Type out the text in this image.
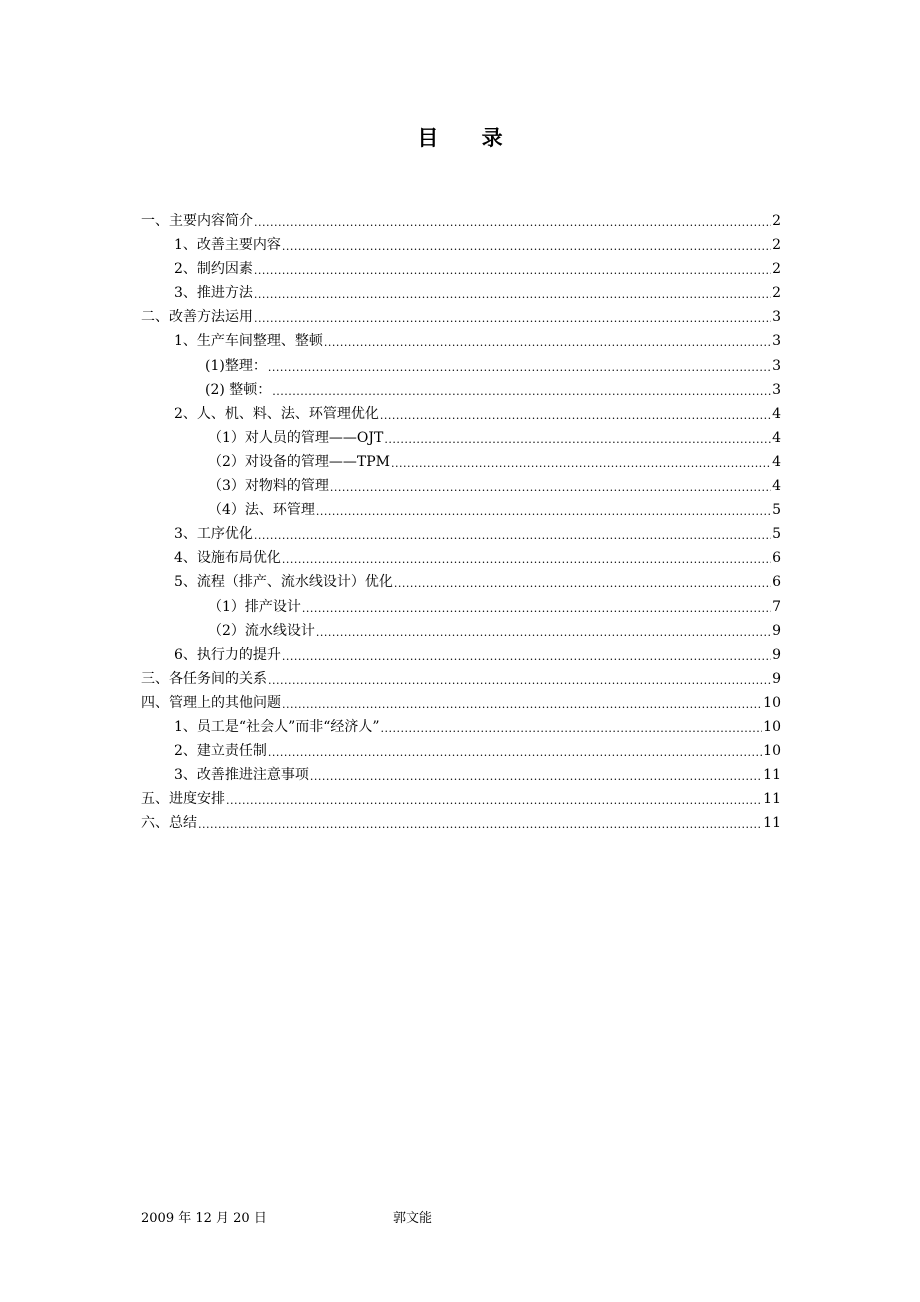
目 录
一、主要内容简介 .....	2
1、改善主要内容 .....	2
2、制约因素 .....	2
3、推进方法 .....	2
二、改善方法运用 .....	3
1、生产车间整理、整顿 .....	3
(1)整理： .....	3
(2) 整顿： .....	3
2、人、机、料、法、环管理优化 .....	4
（1）对人员的管理——OJT .....	4
（2）对设备的管理——TPM .....	4
（3）对物料的管理 .....	4
（4）法、环管理 .....	5
3、工序优化 .....	5
4、设施布局优化 .....	6
5、流程（排产、流水线设计）优化 .....	6
（1）排产设计 .....	7
（2）流水线设计 .....	9
6、执行力的提升 .....	9
三、各任务间的关系 .....	9
四、管理上的其他问题 .....	10
1、员工是“社会人”而非“经济人” .....	10
2、建立责任制 .....	10
3、改善推进注意事项 .....	11
五、进度安排 .....	11
六、总结 .....	11
2009 年 12 月 20 日	郭文能
